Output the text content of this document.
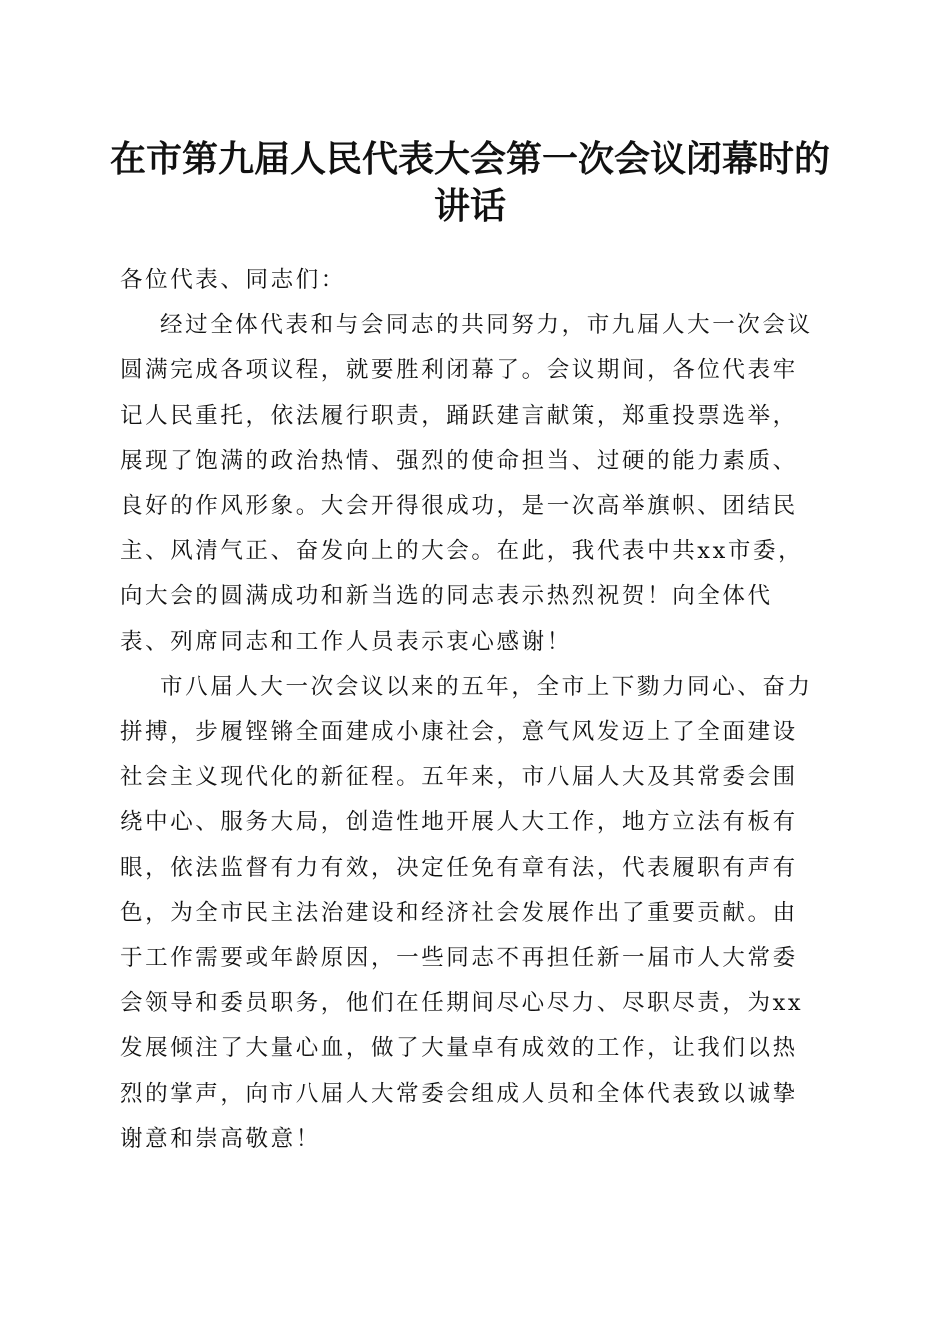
在市第九届人民代表大会第一次会议闭幕时的讲话

各位代表、同志们：

经过全体代表和与会同志的共同努力，市九届人大一次会议圆满完成各项议程，就要胜利闭幕了。会议期间，各位代表牢记人民重托，依法履行职责，踊跃建言献策，郑重投票选举，展现了饱满的政治热情、强烈的使命担当、过硬的能力素质、良好的作风形象。大会开得很成功，是一次高举旗帜、团结民主、风清气正、奋发向上的大会。在此，我代表中共xx市委，向大会的圆满成功和新当选的同志表示热烈祝贺！向全体代表、列席同志和工作人员表示衷心感谢！

市八届人大一次会议以来的五年，全市上下勠力同心、奋力拼搏，步履铿锵全面建成小康社会，意气风发迈上了全面建设社会主义现代化的新征程。五年来，市八届人大及其常委会围绕中心、服务大局，创造性地开展人大工作，地方立法有板有眼，依法监督有力有效，决定任免有章有法，代表履职有声有色，为全市民主法治建设和经济社会发展作出了重要贡献。由于工作需要或年龄原因，一些同志不再担任新一届市人大常委会领导和委员职务，他们在任期间尽心尽力、尽职尽责，为xx发展倾注了大量心血，做了大量卓有成效的工作，让我们以热烈的掌声，向市八届人大常委会组成人员和全体代表致以诚挚谢意和崇高敬意！
